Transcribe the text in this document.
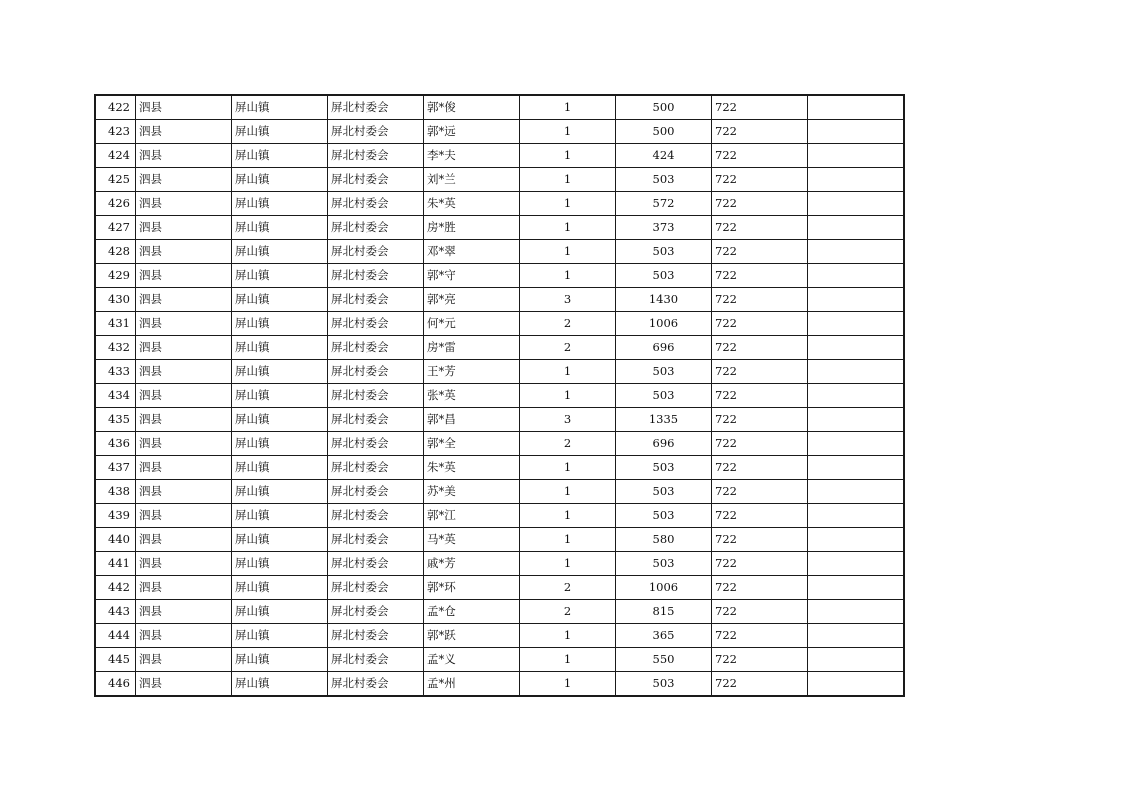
422	泗县	屏山镇	屏北村委会	郭*俊	1	500	722	
423	泗县	屏山镇	屏北村委会	郭*远	1	500	722	
424	泗县	屏山镇	屏北村委会	李*夫	1	424	722	
425	泗县	屏山镇	屏北村委会	刘*兰	1	503	722	
426	泗县	屏山镇	屏北村委会	朱*英	1	572	722	
427	泗县	屏山镇	屏北村委会	房*胜	1	373	722	
428	泗县	屏山镇	屏北村委会	邓*翠	1	503	722	
429	泗县	屏山镇	屏北村委会	郭*守	1	503	722	
430	泗县	屏山镇	屏北村委会	郭*亮	3	1430	722	
431	泗县	屏山镇	屏北村委会	何*元	2	1006	722	
432	泗县	屏山镇	屏北村委会	房*雷	2	696	722	
433	泗县	屏山镇	屏北村委会	王*芳	1	503	722	
434	泗县	屏山镇	屏北村委会	张*英	1	503	722	
435	泗县	屏山镇	屏北村委会	郭*昌	3	1335	722	
436	泗县	屏山镇	屏北村委会	郭*全	2	696	722	
437	泗县	屏山镇	屏北村委会	朱*英	1	503	722	
438	泗县	屏山镇	屏北村委会	苏*美	1	503	722	
439	泗县	屏山镇	屏北村委会	郭*江	1	503	722	
440	泗县	屏山镇	屏北村委会	马*英	1	580	722	
441	泗县	屏山镇	屏北村委会	戚*芳	1	503	722	
442	泗县	屏山镇	屏北村委会	郭*环	2	1006	722	
443	泗县	屏山镇	屏北村委会	孟*仓	2	815	722	
444	泗县	屏山镇	屏北村委会	郭*跃	1	365	722	
445	泗县	屏山镇	屏北村委会	孟*义	1	550	722	
446	泗县	屏山镇	屏北村委会	孟*州	1	503	722	
